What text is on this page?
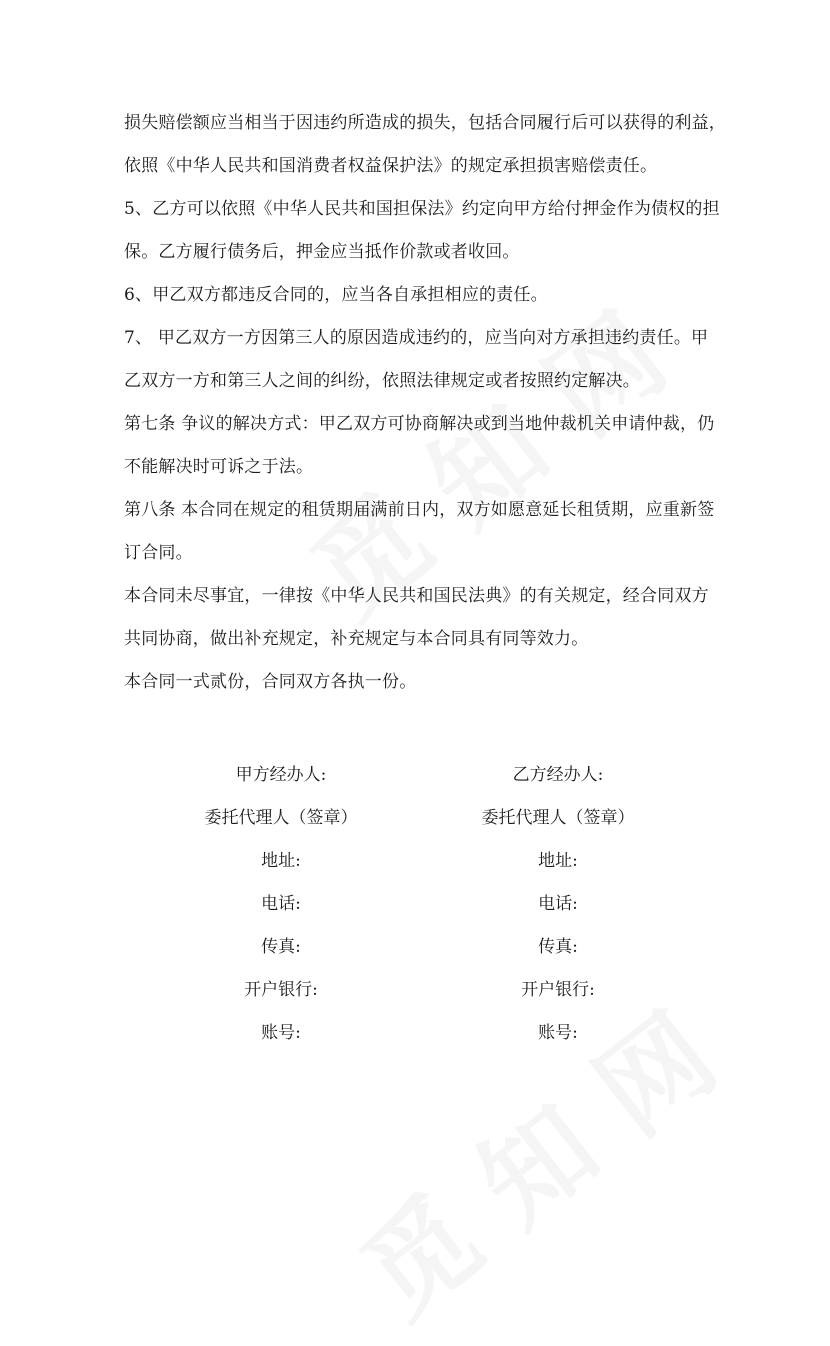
损失赔偿额应当相当于因违约所造成的损失，包括合同履行后可以获得的利益，
依照《中华人民共和国消费者权益保护法》的规定承担损害赔偿责任。
5、乙方可以依照《中华人民共和国担保法》约定向甲方给付押金作为债权的担
保。乙方履行债务后，押金应当抵作价款或者收回。
6、甲乙双方都违反合同的，应当各自承担相应的责任。
7、 甲乙双方一方因第三人的原因造成违约的，应当向对方承担违约责任。甲
乙双方一方和第三人之间的纠纷，依照法律规定或者按照约定解决。
第七条 争议的解决方式：甲乙双方可协商解决或到当地仲裁机关申请仲裁，仍
不能解决时可诉之于法。
第八条 本合同在规定的租赁期届满前日内，双方如愿意延长租赁期，应重新签
订合同。
本合同未尽事宜，一律按《中华人民共和国民法典》的有关规定，经合同双方
共同协商，做出补充规定，补充规定与本合同具有同等效力。
本合同一式贰份，合同双方各执一份。
甲方经办人:
委托代理人（签章）
地址:
电话:
传真:
开户银行:
账号:
乙方经办人:
委托代理人（签章）
地址:
电话:
传真:
开户银行:
账号:
